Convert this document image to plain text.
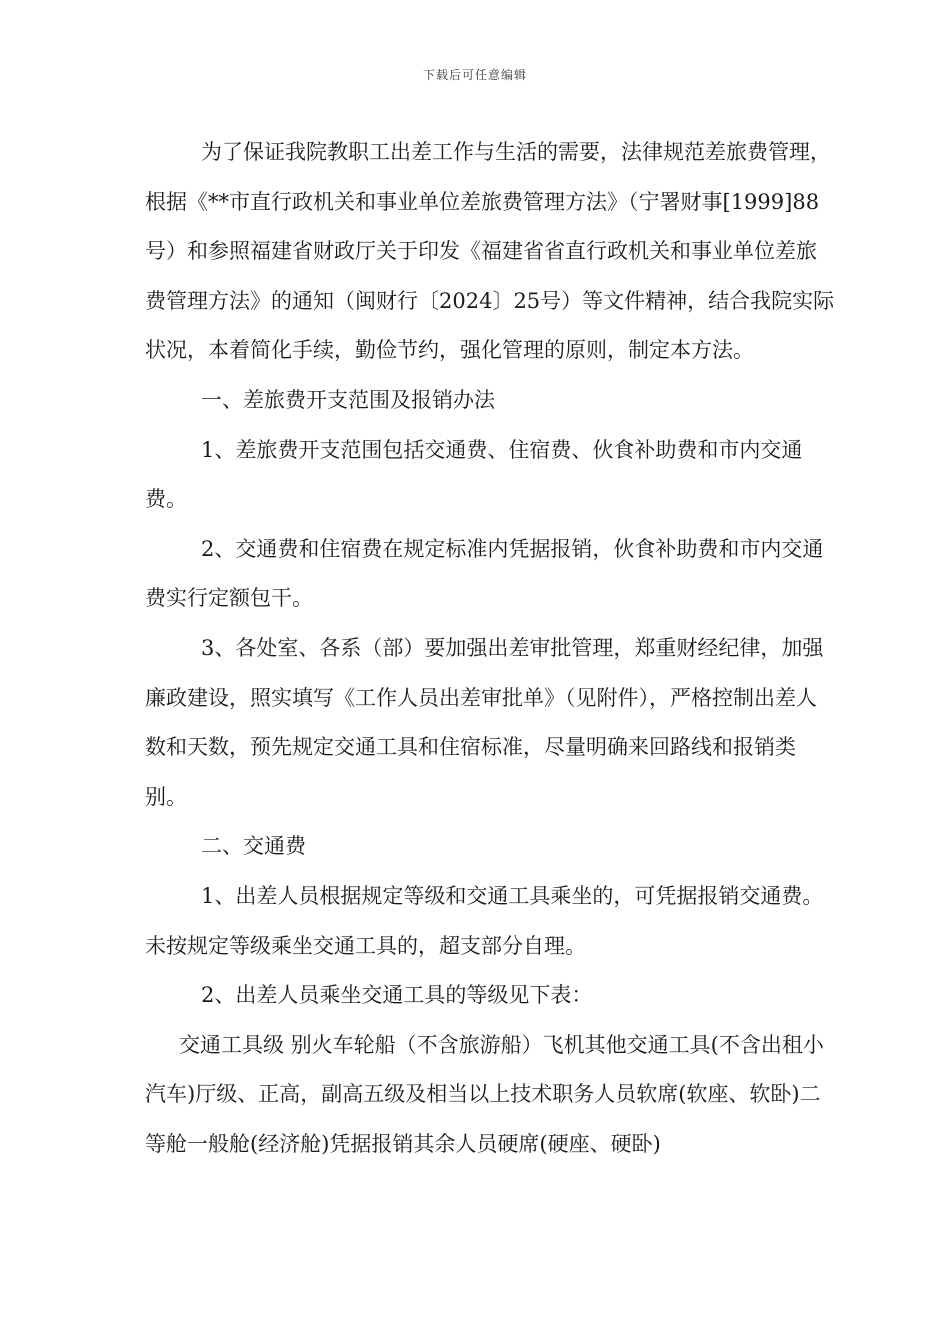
下载后可任意编辑

为了保证我院教职工出差工作与生活的需要，法律规范差旅费管理，根据《**市直行政机关和事业单位差旅费管理方法》（宁署财事[1999]88号）和参照福建省财政厅关于印发《福建省省直行政机关和事业单位差旅费管理方法》的通知（闽财行〔2024〕25号）等文件精神，结合我院实际状况，本着简化手续，勤俭节约，强化管理的原则，制定本方法。

一、差旅费开支范围及报销办法

1、差旅费开支范围包括交通费、住宿费、伙食补助费和市内交通费。

2、交通费和住宿费在规定标准内凭据报销，伙食补助费和市内交通费实行定额包干。

3、各处室、各系（部）要加强出差审批管理，郑重财经纪律，加强廉政建设，照实填写《工作人员出差审批单》（见附件），严格控制出差人数和天数，预先规定交通工具和住宿标准，尽量明确来回路线和报销类别。

二、交通费

1、出差人员根据规定等级和交通工具乘坐的，可凭据报销交通费。未按规定等级乘坐交通工具的，超支部分自理。

2、出差人员乘坐交通工具的等级见下表：

交通工具级 别火车轮船（不含旅游船）飞机其他交通工具(不含出租小汽车)厅级、正高，副高五级及相当以上技术职务人员软席(软座、软卧)二等舱一般舱(经济舱)凭据报销其余人员硬席(硬座、硬卧)
